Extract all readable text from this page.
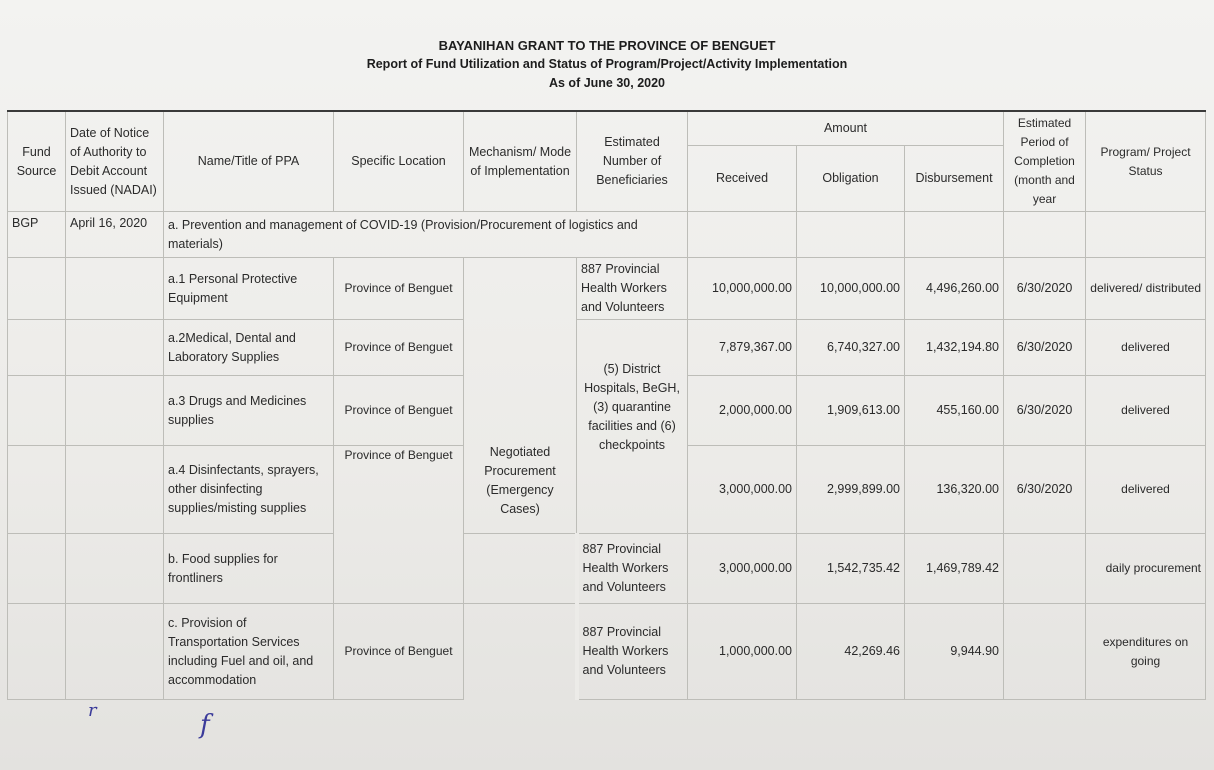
BAYANIHAN GRANT TO THE PROVINCE OF BENGUET
Report of Fund Utilization and Status of Program/Project/Activity Implementation
As of June 30, 2020
Fund Source	Date of Notice of Authority to Debit Account Issued (NADAI)	Name/Title of PPA	Specific Location	Mechanism/ Mode of Implementation	Estimated Number of Beneficiaries	Amount			Estimated Period of Completion (month and year	Program/ Project Status
						Received	Obligation	Disbursement		
BGP	April 16, 2020	a. Prevention and management of COVID-19 (Provision/Procurement of logistics and materials)								
		a.1 Personal Protective Equipment	Province of Benguet	Negotiated Procurement (Emergency Cases)	887 Provincial Health Workers and Volunteers	10,000,000.00	10,000,000.00	4,496,260.00	6/30/2020	delivered/ distributed
		a.2Medical, Dental and Laboratory Supplies	Province of Benguet		(5) District Hospitals, BeGH,(3) quarantine facilities and (6) checkpoints	7,879,367.00	6,740,327.00	1,432,194.80	6/30/2020	delivered
		a.3 Drugs and Medicines supplies	Province of Benguet			2,000,000.00	1,909,613.00	455,160.00	6/30/2020	delivered
		a.4 Disinfectants, sprayers, other disinfecting supplies/misting supplies	Province of Benguet			3,000,000.00	2,999,899.00	136,320.00	6/30/2020	delivered
		b. Food supplies for frontliners			887 Provincial Health Workers and Volunteers	3,000,000.00	1,542,735.42	1,469,789.42		daily procurement
		c. Provision of Transportation Services including Fuel and oil, and accommodation	Province of Benguet		887 Provincial Health Workers and Volunteers	1,000,000.00	42,269.46	9,944.90		expenditures on going
r	f
